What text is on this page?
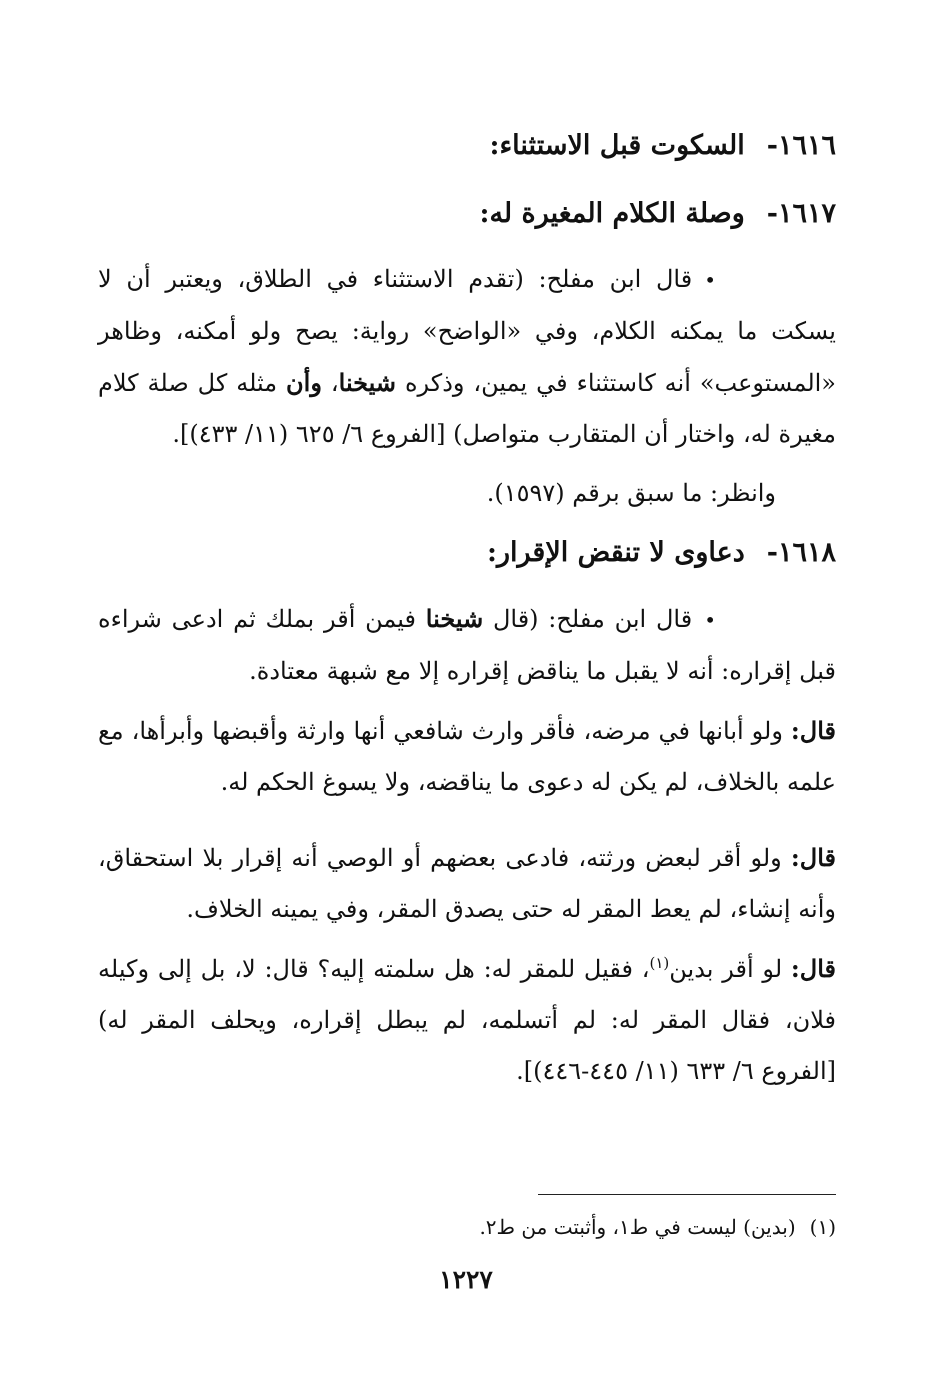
١٦١٦-السكوت قبل الاستثناء:
١٦١٧-وصلة الكلام المغيرة له:

•قال ابن مفلح: (تقدم الاستثناء في الطلاق، ويعتبر أن لا يسكت ما يمكنه الكلام، وفي «الواضح» رواية: يصح ولو أمكنه، وظاهر «المستوعب» أنه كاستثناء في يمين، وذكره شيخنا، وأن مثله كل صلة كلام مغيرة له، واختار أن المتقارب متواصل) [الفروع ٦/ ٦٢٥ (١١/ ٤٣٣)].

وانظر: ما سبق برقم (١٥٩٧).

١٦١٨-دعاوى لا تنقض الإقرار:

•قال ابن مفلح: (قال شيخنا فيمن أقر بملك ثم ادعى شراءه قبل إقراره: أنه لا يقبل ما يناقض إقراره إلا مع شبهة معتادة.

قال: ولو أبانها في مرضه، فأقر وارث شافعي أنها وارثة وأقبضها وأبرأها، مع علمه بالخلاف، لم يكن له دعوى ما يناقضه، ولا يسوغ الحكم له.

قال: ولو أقر لبعض ورثته، فادعى بعضهم أو الوصي أنه إقرار بلا استحقاق، وأنه إنشاء، لم يعط المقر له حتى يصدق المقر، وفي يمينه الخلاف.

قال: لو أقر بدين$^{(١)}$، فقيل للمقر له: هل سلمته إليه؟ قال: لا، بل إلى وكيله فلان، فقال المقر له: لم أتسلمه، لم يبطل إقراره، ويحلف المقر له) [الفروع ٦/ ٦٣٣ (١١/ ٤٤٥-٤٤٦)].

(١)(بدين) ليست في ط١، وأثبتت من ط٢.
١٢٢٧
